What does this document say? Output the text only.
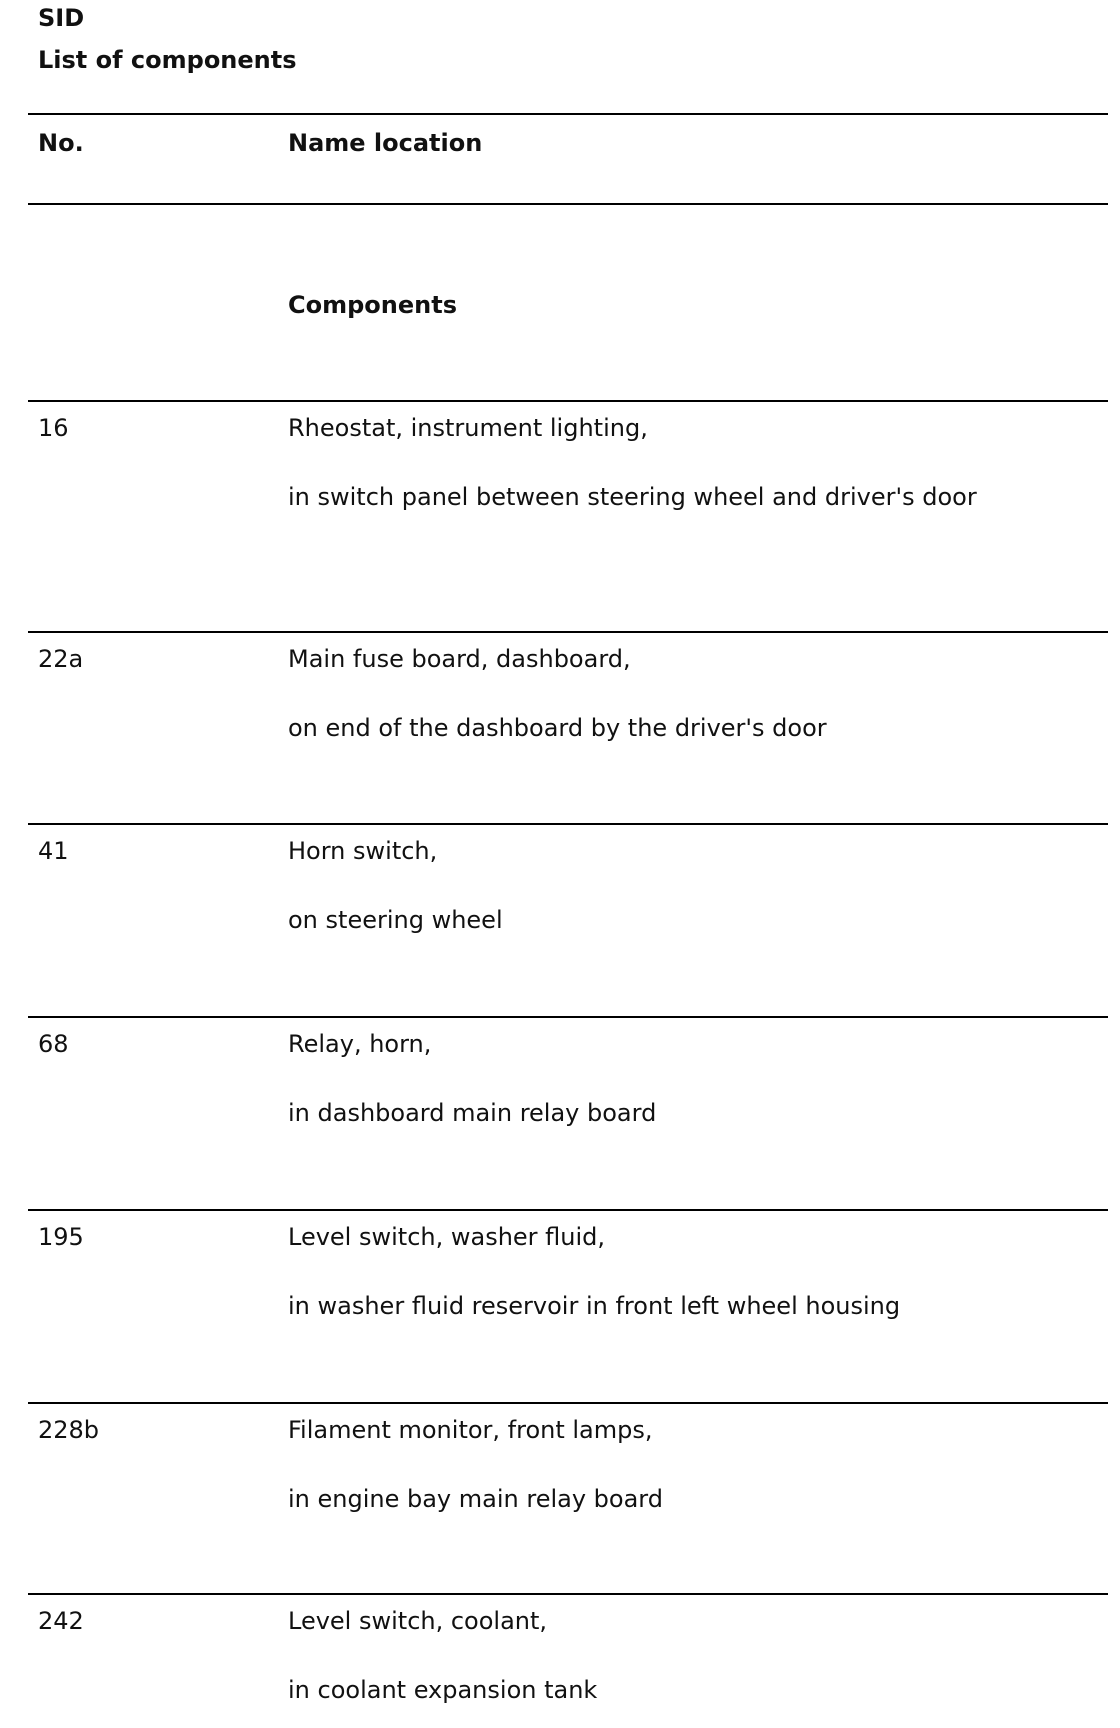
SID

List of components

No.	Name location
Components
16	Rheostat, instrument lighting,
in switch panel between steering wheel and driver's door
22a	Main fuse board, dashboard,
on end of the dashboard by the driver's door
41	Horn switch,
on steering wheel
68	Relay, horn,
in dashboard main relay board
195	Level switch, washer fluid,
in washer fluid reservoir in front left wheel housing
228b	Filament monitor, front lamps,
in engine bay main relay board
242	Level switch, coolant,
in coolant expansion tank
